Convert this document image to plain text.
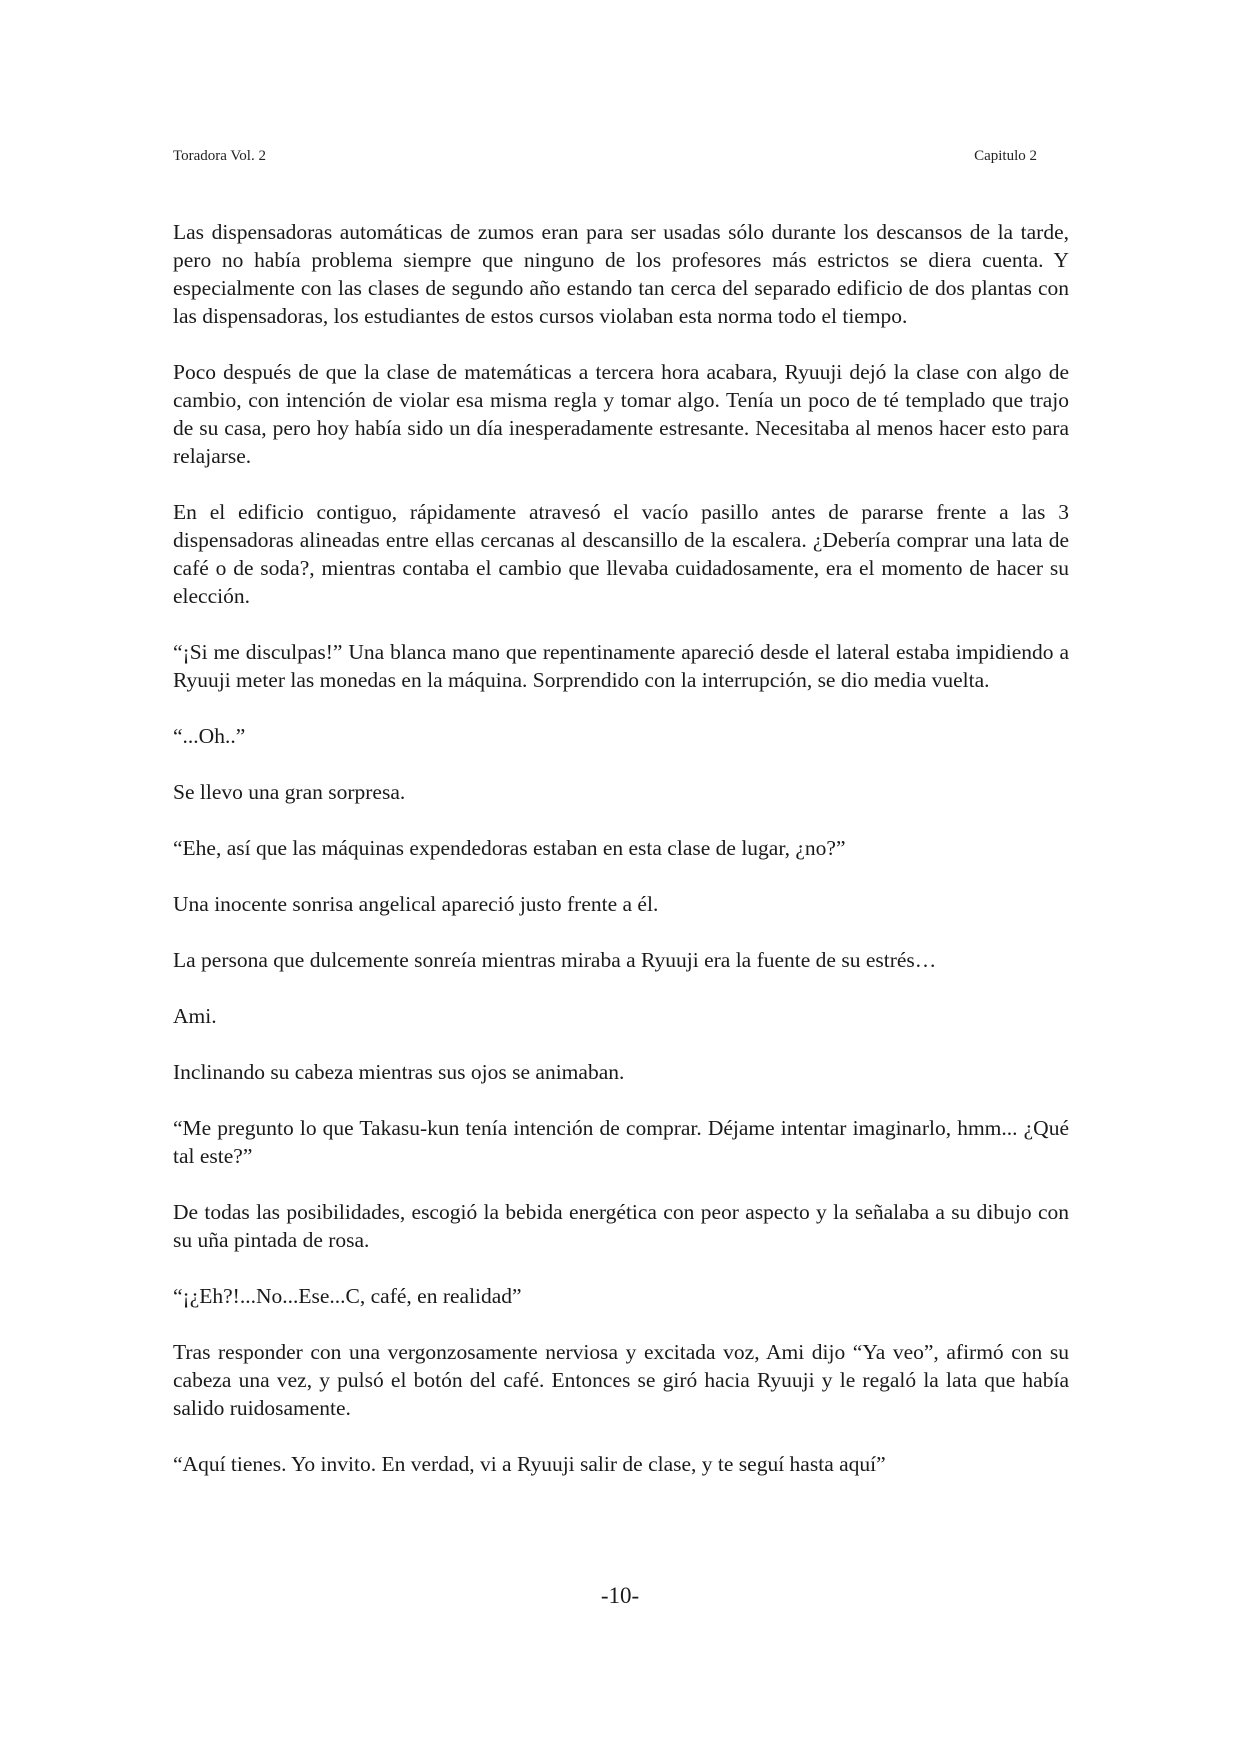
Toradora Vol. 2	Capitulo 2

Las dispensadoras automáticas de zumos eran para ser usadas sólo durante los descansos de la tarde, pero no había problema siempre que ninguno de los profesores más estrictos se diera cuenta. Y especialmente con las clases de segundo año estando tan cerca del separado edificio de dos plantas con las dispensadoras, los estudiantes de estos cursos violaban esta norma todo el tiempo.

Poco después de que la clase de matemáticas a tercera hora acabara, Ryuuji dejó la clase con algo de cambio, con intención de violar esa misma regla y tomar algo. Tenía un poco de té templado que trajo de su casa, pero hoy había sido un día inesperadamente estresante. Necesitaba al menos hacer esto para relajarse.

En el edificio contiguo, rápidamente atravesó el vacío pasillo antes de pararse frente a las 3 dispensadoras alineadas entre ellas cercanas al descansillo de la escalera. ¿Debería comprar una lata de café o de soda?, mientras contaba el cambio que llevaba cuidadosamente, era el momento de hacer su elección.

“¡Si me disculpas!” Una blanca mano que repentinamente apareció desde el lateral estaba impidiendo a Ryuuji meter las monedas en la máquina. Sorprendido con la interrupción, se dio media vuelta.

“...Oh..”

Se llevo una gran sorpresa.

“Ehe, así que las máquinas expendedoras estaban en esta clase de lugar, ¿no?”

Una inocente sonrisa angelical apareció justo frente a él.

La persona que dulcemente sonreía mientras miraba a Ryuuji era la fuente de su estrés…

Ami.

Inclinando su cabeza mientras sus ojos se animaban.

“Me pregunto lo que Takasu-kun tenía intención de comprar. Déjame intentar imaginarlo, hmm... ¿Qué tal este?”

De todas las posibilidades, escogió la bebida energética con peor aspecto y la señalaba a su dibujo con su uña pintada de rosa.

“¡¿Eh?!...No...Ese...C, café, en realidad”

Tras responder con una vergonzosamente nerviosa y excitada voz, Ami dijo “Ya veo”, afirmó con su cabeza una vez, y pulsó el botón del café. Entonces se giró hacia Ryuuji y le regaló la lata que había salido ruidosamente.

“Aquí tienes. Yo invito. En verdad, vi a Ryuuji salir de clase, y te seguí hasta aquí”

-10-
